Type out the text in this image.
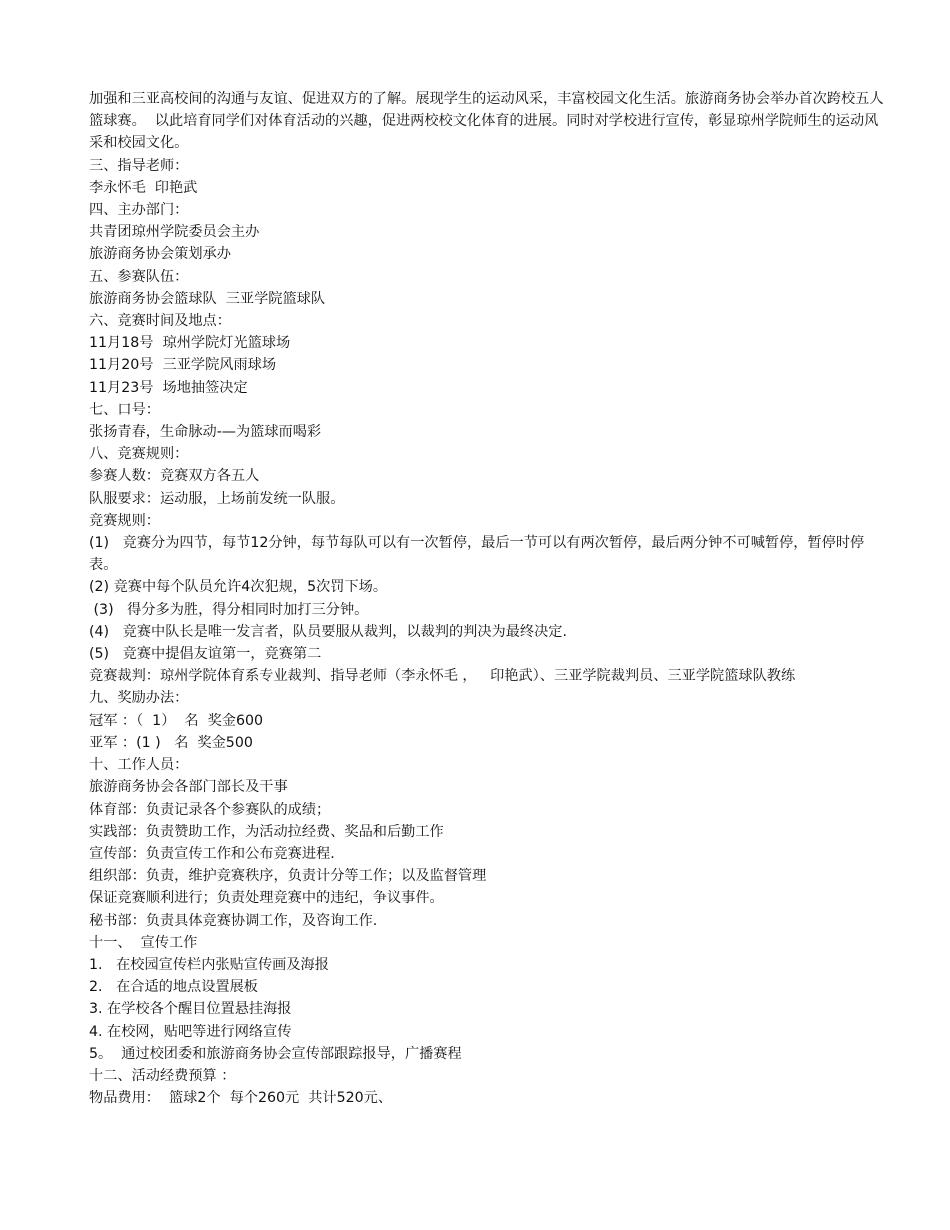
加强和三亚高校间的沟通与友谊、促进双方的了解。展现学生的运动风采，丰富校园文化生活。旅游商务协会举办首次跨校五人篮球赛。  以此培育同学们对体育活动的兴趣，促进两校校文化体育的进展。同时对学校进行宣传，彰显琼州学院师生的运动风采和校园文化。
三、指导老师：
李永怀毛  印艳武
四、主办部门：
共青团琼州学院委员会主办
旅游商务协会策划承办
五、参赛队伍：
旅游商务协会篮球队  三亚学院篮球队
六、竞赛时间及地点：
11月18号  琼州学院灯光篮球场
11月20号  三亚学院风雨球场
11月23号  场地抽签决定
七、口号：
张扬青春，生命脉动-—为篮球而喝彩
八、竞赛规则：
参赛人数：竞赛双方各五人
队服要求：运动服，上场前发统一队服。
竞赛规则：
(1)   竞赛分为四节，每节12分钟，每节每队可以有一次暂停，最后一节可以有两次暂停，最后两分钟不可喊暂停，暂停时停表。
(2) 竞赛中每个队员允许4次犯规，5次罚下场。
(3)   得分多为胜，得分相同时加打三分钟。
(4)   竞赛中队长是唯一发言者，队员要服从裁判，以裁判的判决为最终决定.
(5)   竞赛中提倡友谊第一，竞赛第二
竞赛裁判：琼州学院体育系专业裁判、指导老师（李永怀毛 ，   印艳武）、三亚学院裁判员、三亚学院篮球队教练
九、奖励办法：
冠军 ：（  1）  名  奖金600
亚军 ：(1 )   名  奖金500
十、工作人员：
旅游商务协会各部门部长及干事
体育部：负责记录各个参赛队的成绩；
实践部：负责赞助工作，为活动拉经费、奖品和后勤工作
宣传部：负责宣传工作和公布竞赛进程.
组织部：负责，维护竞赛秩序，负责计分等工作；以及监督管理
保证竞赛顺利进行；负责处理竞赛中的违纪，争议事件。
秘书部：负责具体竞赛协调工作，及咨询工作.
十一、  宣传工作
1.   在校园宣传栏内张贴宣传画及海报
2.   在合适的地点设置展板
3. 在学校各个醒目位置悬挂海报
4. 在校网，贴吧等进行网络宣传
5。  通过校团委和旅游商务协会宣传部跟踪报导，广播赛程
十二、活动经费预算 ：
物品费用：  篮球2个  每个260元  共计520元、
